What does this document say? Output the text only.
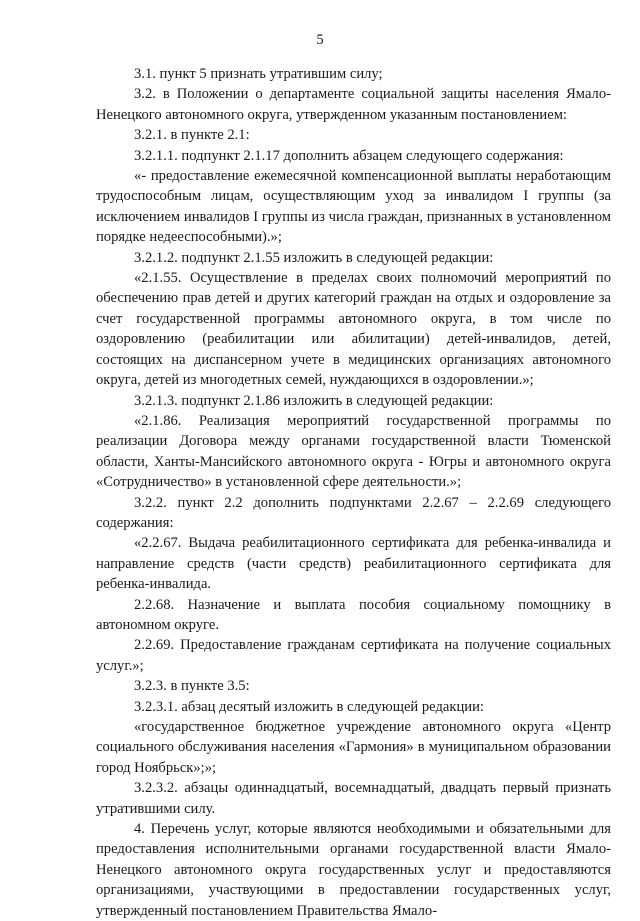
5

3.1. пункт 5 признать утратившим силу;

3.2. в Положении о департаменте социальной защиты населения Ямало-Ненецкого автономного округа, утвержденном указанным постановлением:

3.2.1. в пункте 2.1:

3.2.1.1. подпункт 2.1.17 дополнить абзацем следующего содержания:

«- предоставление ежемесячной компенсационной выплаты неработающим трудоспособным лицам, осуществляющим уход за инвалидом I группы (за исключением инвалидов I группы из числа граждан, признанных в установленном порядке недееспособными).»;

3.2.1.2. подпункт 2.1.55 изложить в следующей редакции:

«2.1.55. Осуществление в пределах своих полномочий мероприятий по обеспечению прав детей и других категорий граждан на отдых и оздоровление за счет государственной программы автономного округа, в том числе по оздоровлению (реабилитации или абилитации) детей-инвалидов, детей, состоящих на диспансерном учете в медицинских организациях автономного округа, детей из многодетных семей, нуждающихся в оздоровлении.»;

3.2.1.3. подпункт 2.1.86 изложить в следующей редакции:

«2.1.86. Реализация мероприятий государственной программы по реализации Договора между органами государственной власти Тюменской области, Ханты-Мансийского автономного округа - Югры и автономного округа «Сотрудничество» в установленной сфере деятельности.»;

3.2.2. пункт 2.2 дополнить подпунктами 2.2.67 – 2.2.69 следующего содержания:

«2.2.67. Выдача реабилитационного сертификата для ребенка-инвалида и направление средств (части средств) реабилитационного сертификата для ребенка-инвалида.

2.2.68. Назначение и выплата пособия социальному помощнику в автономном округе.

2.2.69. Предоставление гражданам сертификата на получение социальных услуг.»;

3.2.3. в пункте 3.5:

3.2.3.1. абзац десятый изложить в следующей редакции:

«государственное бюджетное учреждение автономного округа «Центр социального обслуживания населения «Гармония» в муниципальном образовании город Ноябрьск»;»;

3.2.3.2. абзацы одиннадцатый, восемнадцатый, двадцать первый признать утратившими силу.

4. Перечень услуг, которые являются необходимыми и обязательными для предоставления исполнительными органами государственной власти Ямало-Ненецкого автономного округа государственных услуг и предоставляются организациями, участвующими в предоставлении государственных услуг, утвержденный постановлением Правительства Ямало-
